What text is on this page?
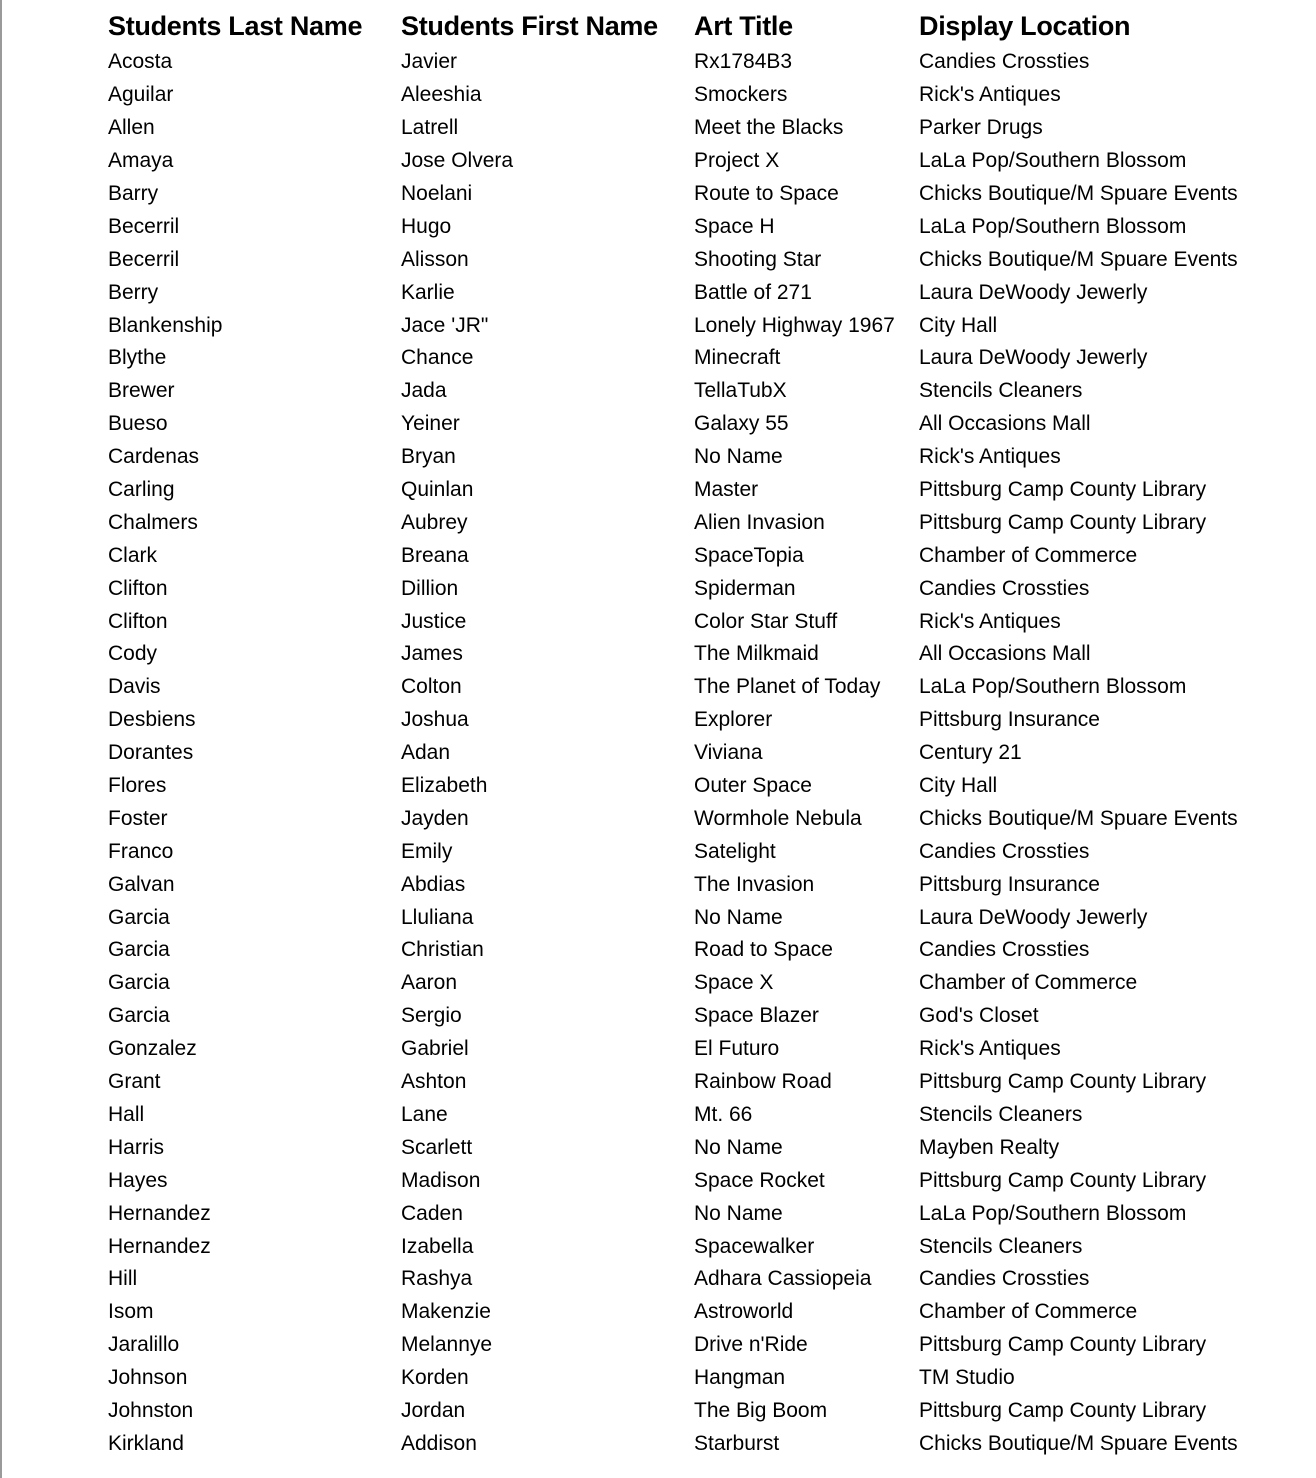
Students Last Name	Students First Name	Art Title	Display Location
Acosta	Javier	Rx1784B3	Candies Crossties
Aguilar	Aleeshia	Smockers	Rick's Antiques
Allen	Latrell	Meet the Blacks	Parker Drugs
Amaya	Jose Olvera	Project X	LaLa Pop/Southern Blossom
Barry	Noelani	Route to Space	Chicks Boutique/M Spuare Events
Becerril	Hugo	Space H	LaLa Pop/Southern Blossom
Becerril	Alisson	Shooting Star	Chicks Boutique/M Spuare Events
Berry	Karlie	Battle of 271	Laura DeWoody Jewerly
Blankenship	Jace 'JR"	Lonely Highway 1967	City Hall
Blythe	Chance	Minecraft	Laura DeWoody Jewerly
Brewer	Jada	TellaTubX	Stencils Cleaners
Bueso	Yeiner	Galaxy 55	All Occasions Mall
Cardenas	Bryan	No Name	Rick's Antiques
Carling	Quinlan	Master	Pittsburg Camp County Library
Chalmers	Aubrey	Alien Invasion	Pittsburg Camp County Library
Clark	Breana	SpaceTopia	Chamber of Commerce
Clifton	Dillion	Spiderman	Candies Crossties
Clifton	Justice	Color Star Stuff	Rick's Antiques
Cody	James	The Milkmaid	All Occasions Mall
Davis	Colton	The Planet of Today	LaLa Pop/Southern Blossom
Desbiens	Joshua	Explorer	Pittsburg Insurance
Dorantes	Adan	Viviana	Century 21
Flores	Elizabeth	Outer Space	City Hall
Foster	Jayden	Wormhole Nebula	Chicks Boutique/M Spuare Events
Franco	Emily	Satelight	Candies Crossties
Galvan	Abdias	The Invasion	Pittsburg Insurance
Garcia	Lluliana	No Name	Laura DeWoody Jewerly
Garcia	Christian	Road to Space	Candies Crossties
Garcia	Aaron	Space X	Chamber of Commerce
Garcia	Sergio	Space Blazer	God's Closet
Gonzalez	Gabriel	El Futuro	Rick's Antiques
Grant	Ashton	Rainbow Road	Pittsburg Camp County Library
Hall	Lane	Mt. 66	Stencils Cleaners
Harris	Scarlett	No Name	Mayben Realty
Hayes	Madison	Space Rocket	Pittsburg Camp County Library
Hernandez	Caden	No Name	LaLa Pop/Southern Blossom
Hernandez	Izabella	Spacewalker	Stencils Cleaners
Hill	Rashya	Adhara Cassiopeia	Candies Crossties
Isom	Makenzie	Astroworld	Chamber of Commerce
Jaralillo	Melannye	Drive n'Ride	Pittsburg Camp County Library
Johnson	Korden	Hangman	TM Studio
Johnston	Jordan	The Big Boom	Pittsburg Camp County Library
Kirkland	Addison	Starburst	Chicks Boutique/M Spuare Events
